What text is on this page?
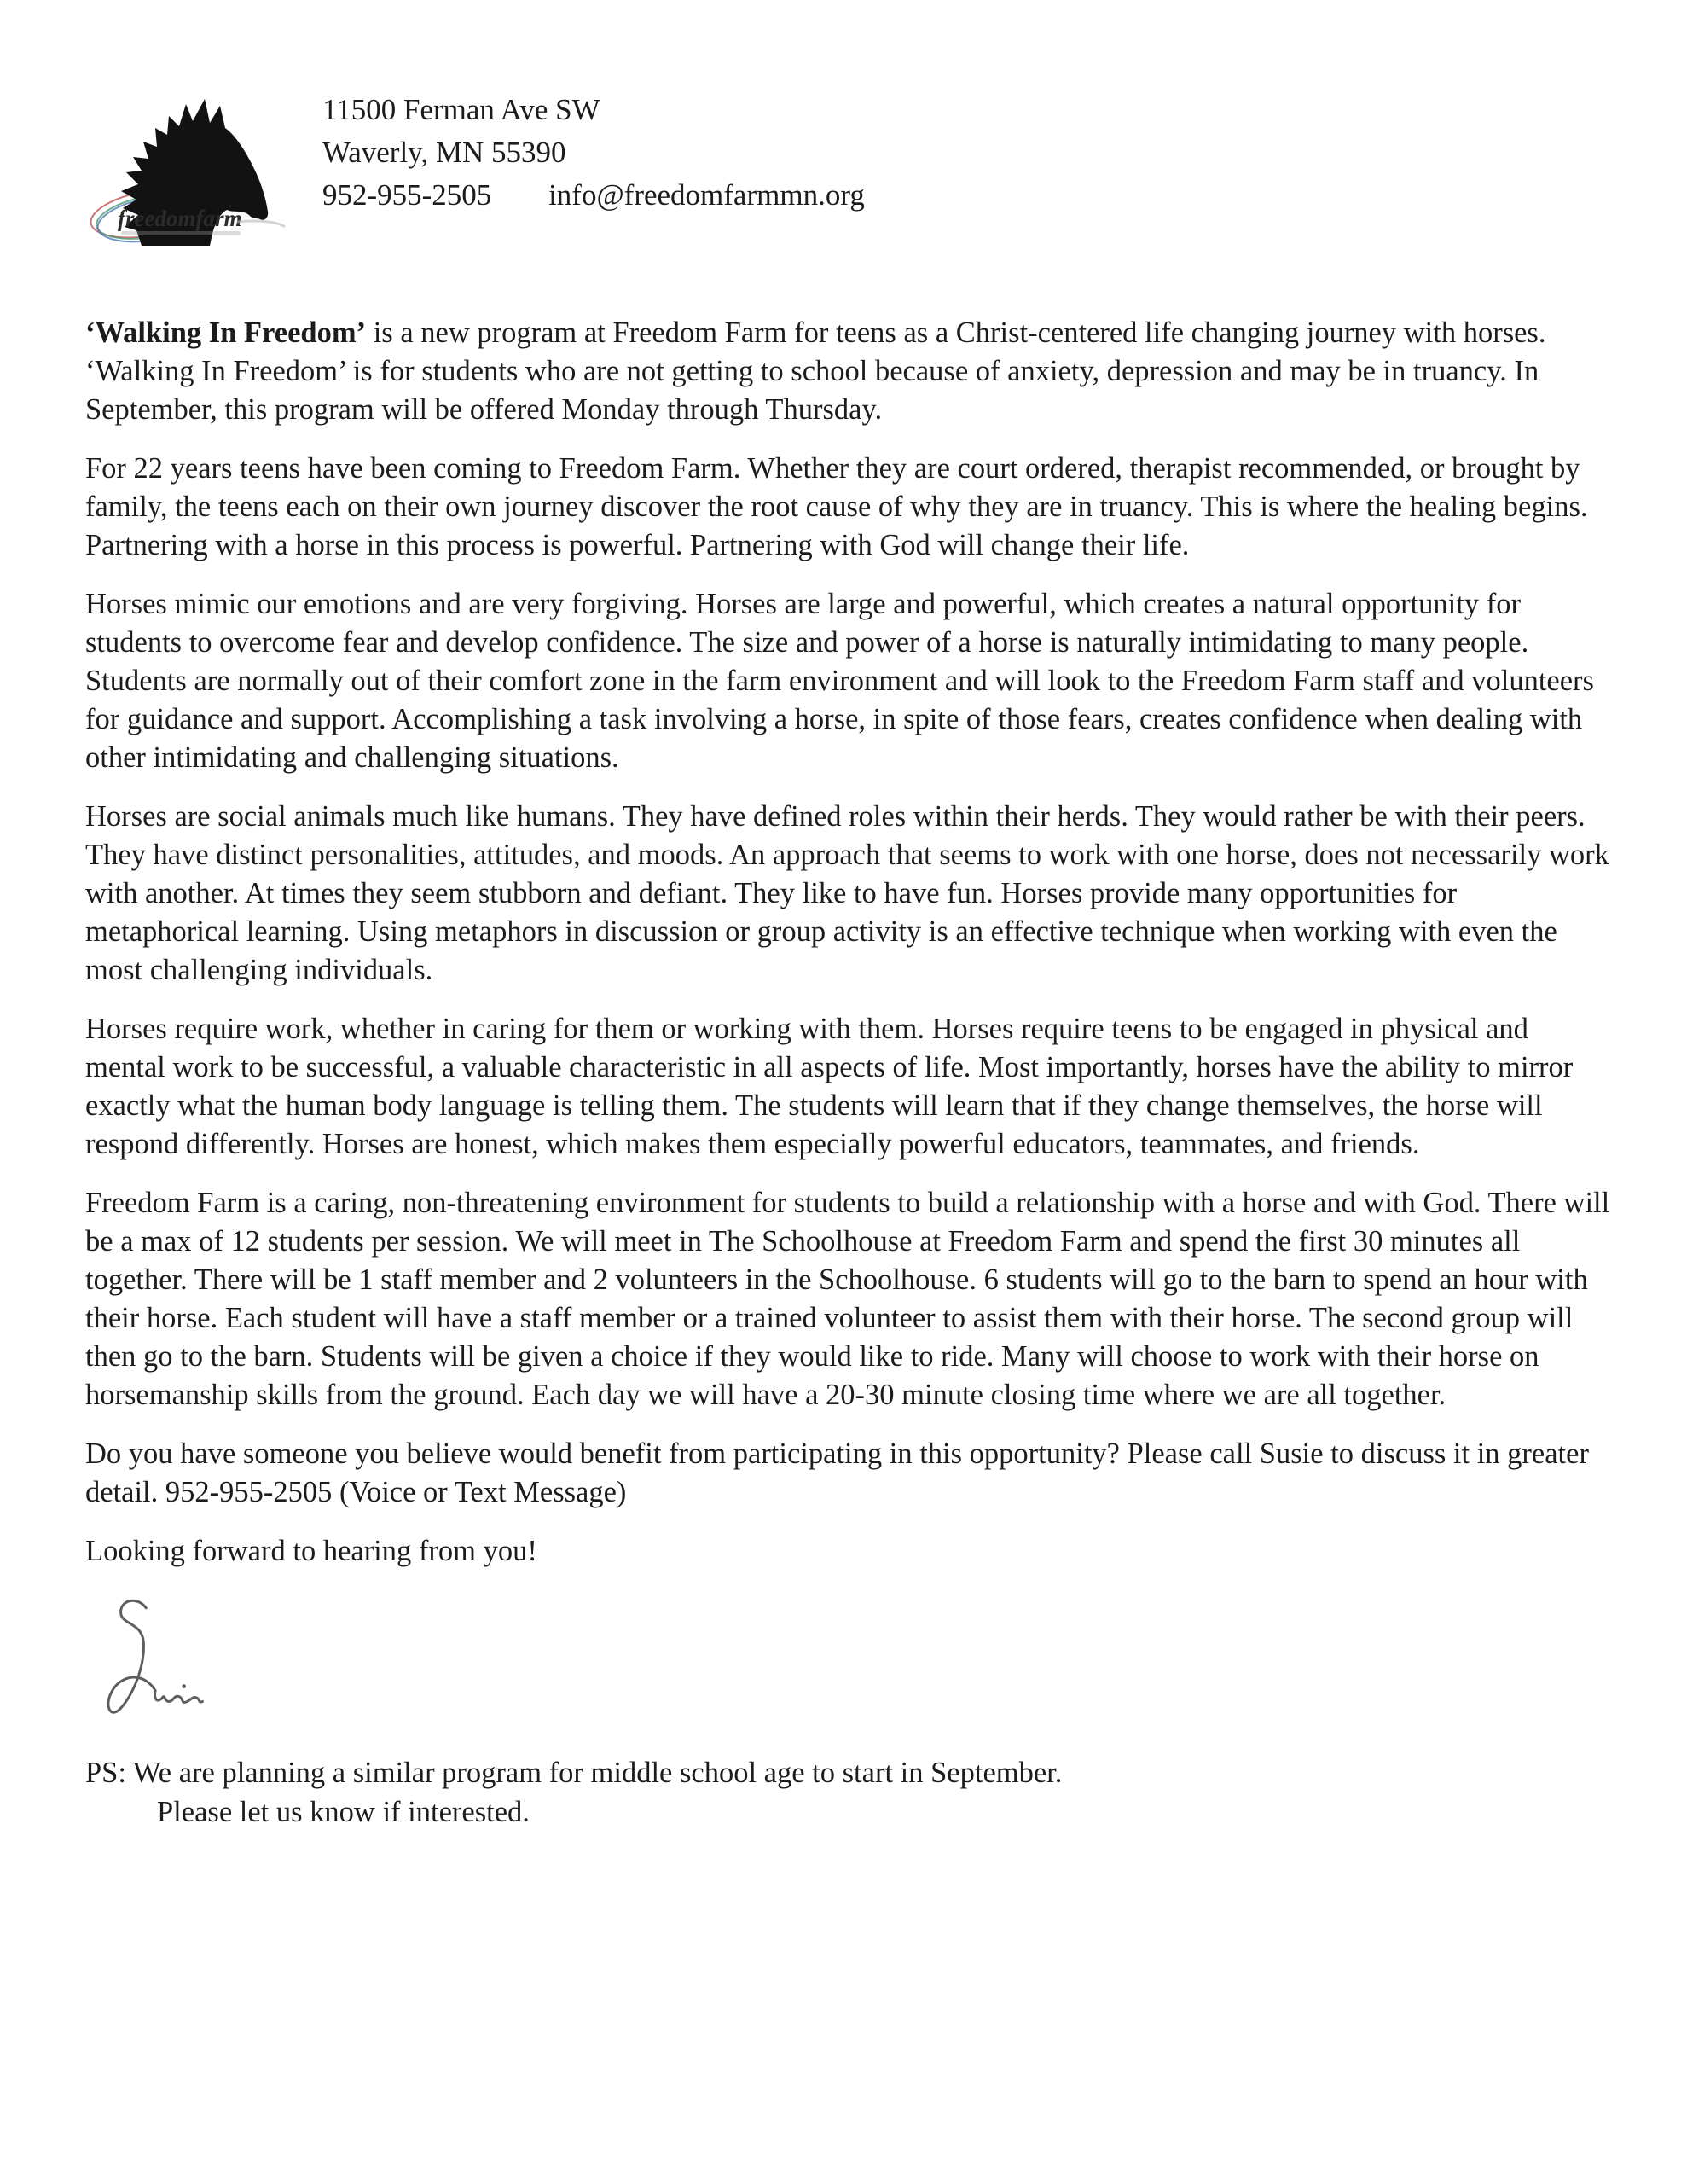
freedomfarm
11500 Ferman Ave SW
Waverly, MN 55390
952-955-2505 info@freedomfarmmn.org

‘Walking In Freedom’ is a new program at Freedom Farm for teens as a Christ-centered life changing journey with horses. ‘Walking In Freedom’ is for students who are not getting to school because of anxiety, depression and may be in truancy. In September, this program will be offered Monday through Thursday.

For 22 years teens have been coming to Freedom Farm. Whether they are court ordered, therapist recommended, or brought by family, the teens each on their own journey discover the root cause of why they are in truancy. This is where the healing begins. Partnering with a horse in this process is powerful. Partnering with God will change their life.

Horses mimic our emotions and are very forgiving. Horses are large and powerful, which creates a natural opportunity for students to overcome fear and develop confidence. The size and power of a horse is naturally intimidating to many people. Students are normally out of their comfort zone in the farm environment and will look to the Freedom Farm staff and volunteers for guidance and support. Accomplishing a task involving a horse, in spite of those fears, creates confidence when dealing with other intimidating and challenging situations.

Horses are social animals much like humans. They have defined roles within their herds. They would rather be with their peers. They have distinct personalities, attitudes, and moods. An approach that seems to work with one horse, does not necessarily work with another. At times they seem stubborn and defiant. They like to have fun. Horses provide many opportunities for metaphorical learning. Using metaphors in discussion or group activity is an effective technique when working with even the most challenging individuals.

Horses require work, whether in caring for them or working with them. Horses require teens to be engaged in physical and mental work to be successful, a valuable characteristic in all aspects of life. Most importantly, horses have the ability to mirror exactly what the human body language is telling them. The students will learn that if they change themselves, the horse will respond differently. Horses are honest, which makes them especially powerful educators, teammates, and friends.

Freedom Farm is a caring, non-threatening environment for students to build a relationship with a horse and with God. There will be a max of 12 students per session. We will meet in The Schoolhouse at Freedom Farm and spend the first 30 minutes all together. There will be 1 staff member and 2 volunteers in the Schoolhouse. 6 students will go to the barn to spend an hour with their horse. Each student will have a staff member or a trained volunteer to assist them with their horse. The second group will then go to the barn. Students will be given a choice if they would like to ride. Many will choose to work with their horse on horsemanship skills from the ground. Each day we will have a 20-30 minute closing time where we are all together.

Do you have someone you believe would benefit from participating in this opportunity? Please call Susie to discuss it in greater detail. 952-955-2505 (Voice or Text Message)

Looking forward to hearing from you!

PS: We are planning a similar program for middle school age to start in September.
Please let us know if interested.
